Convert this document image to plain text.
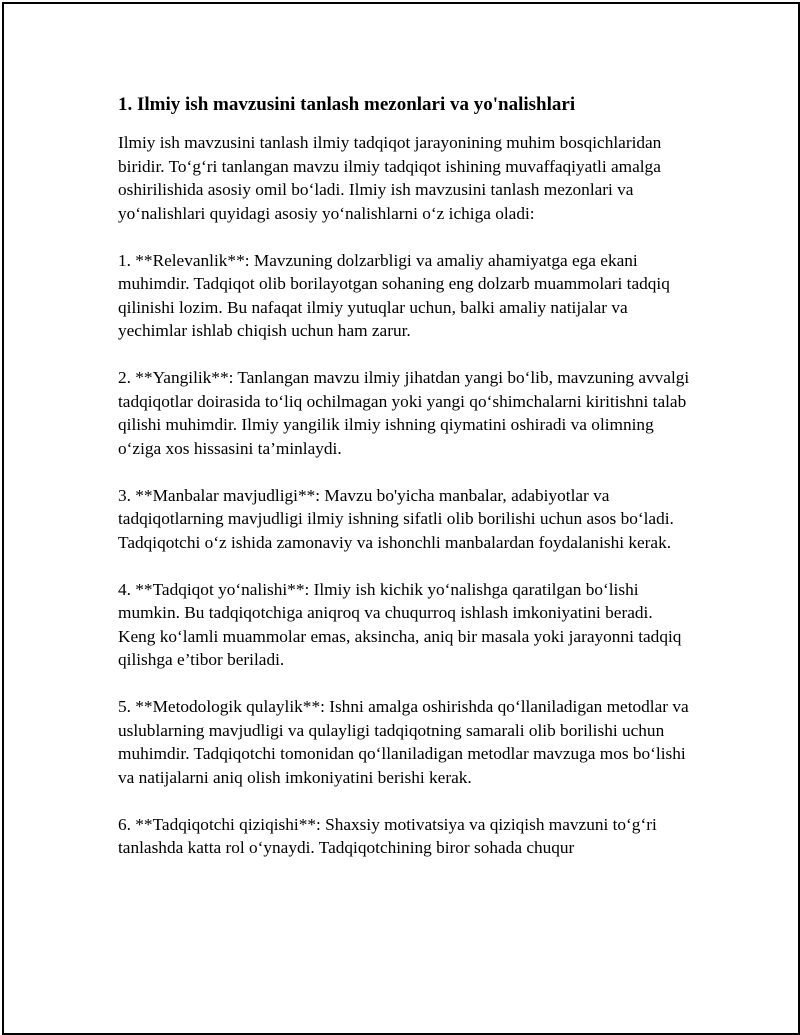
1. Ilmiy ish mavzusini tanlash mezonlari va yo'nalishlari

Ilmiy ish mavzusini tanlash ilmiy tadqiqot jarayonining muhim bosqichlaridan biridir. To‘g‘ri tanlangan mavzu ilmiy tadqiqot ishining muvaffaqiyatli amalga oshirilishida asosiy omil bo‘ladi. Ilmiy ish mavzusini tanlash mezonlari va yo‘nalishlari quyidagi asosiy yo‘nalishlarni o‘z ichiga oladi:

1. **Relevanlik**: Mavzuning dolzarbligi va amaliy ahamiyatga ega ekani muhimdir. Tadqiqot olib borilayotgan sohaning eng dolzarb muammolari tadqiq qilinishi lozim. Bu nafaqat ilmiy yutuqlar uchun, balki amaliy natijalar va yechimlar ishlab chiqish uchun ham zarur.

2. **Yangilik**: Tanlangan mavzu ilmiy jihatdan yangi bo‘lib, mavzuning avvalgi tadqiqotlar doirasida to‘liq ochilmagan yoki yangi qo‘shimchalarni kiritishni talab qilishi muhimdir. Ilmiy yangilik ilmiy ishning qiymatini oshiradi va olimning o‘ziga xos hissasini ta’minlaydi.

3. **Manbalar mavjudligi**: Mavzu bo'yicha manbalar, adabiyotlar va tadqiqotlarning mavjudligi ilmiy ishning sifatli olib borilishi uchun asos bo‘ladi. Tadqiqotchi o‘z ishida zamonaviy va ishonchli manbalardan foydalanishi kerak.

4. **Tadqiqot yo‘nalishi**: Ilmiy ish kichik yo‘nalishga qaratilgan bo‘lishi mumkin. Bu tadqiqotchiga aniqroq va chuqurroq ishlash imkoniyatini beradi. Keng ko‘lamli muammolar emas, aksincha, aniq bir masala yoki jarayonni tadqiq qilishga e’tibor beriladi.

5. **Metodologik qulaylik**: Ishni amalga oshirishda qo‘llaniladigan metodlar va uslublarning mavjudligi va qulayligi tadqiqotning samarali olib borilishi uchun muhimdir. Tadqiqotchi tomonidan qo‘llaniladigan metodlar mavzuga mos bo‘lishi va natijalarni aniq olish imkoniyatini berishi kerak.

6. **Tadqiqotchi qiziqishi**: Shaxsiy motivatsiya va qiziqish mavzuni to‘g‘ri tanlashda katta rol o‘ynaydi. Tadqiqotchining biror sohada chuqur
